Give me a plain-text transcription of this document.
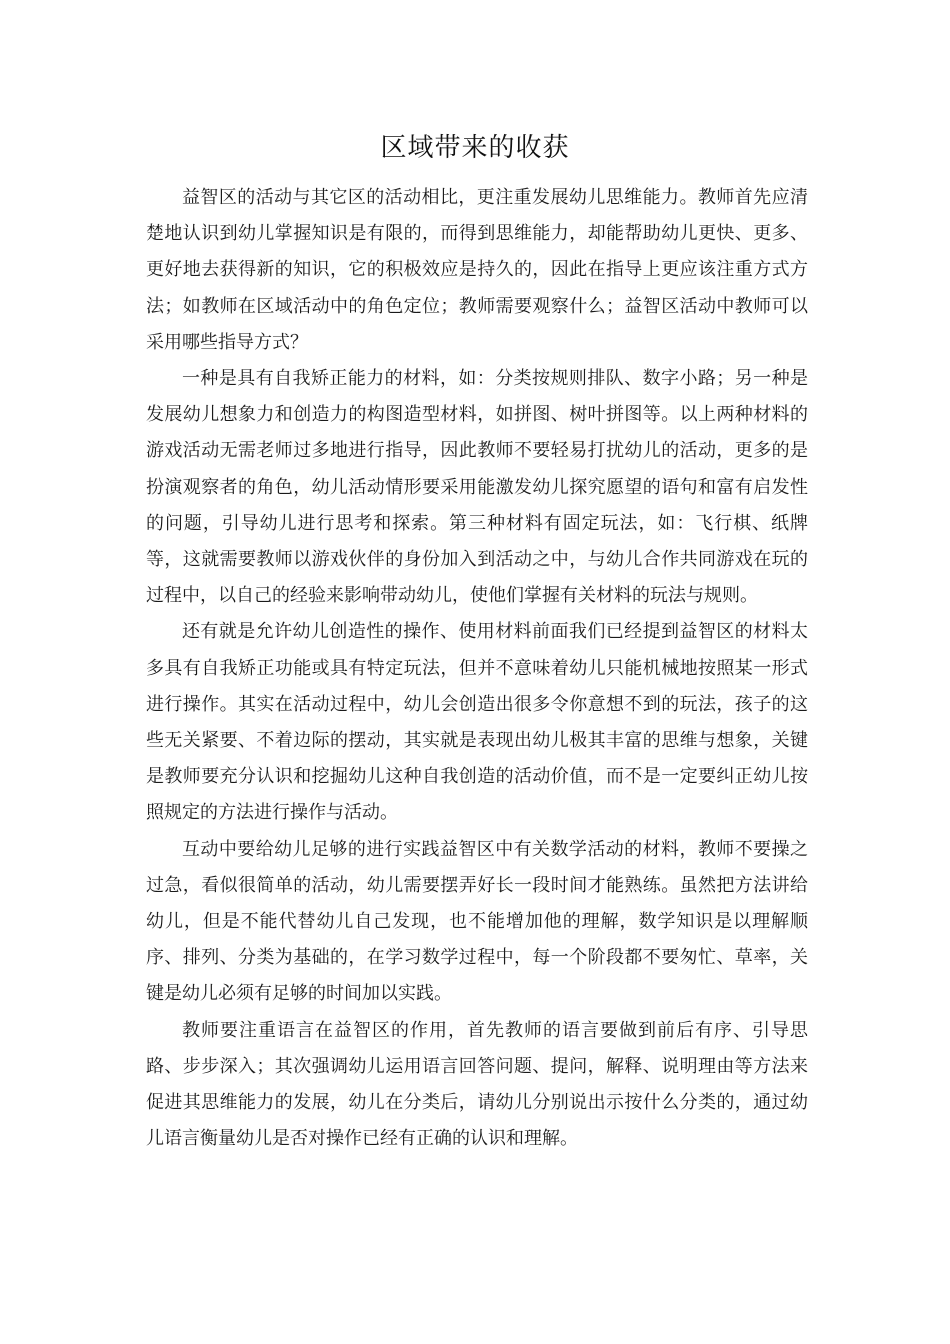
区域带来的收获

益智区的活动与其它区的活动相比，更注重发展幼儿思维能力。教师首先应清楚地认识到幼儿掌握知识是有限的，而得到思维能力，却能帮助幼儿更快、更多、更好地去获得新的知识，它的积极效应是持久的，因此在指导上更应该注重方式方法；如教师在区域活动中的角色定位；教师需要观察什么；益智区活动中教师可以采用哪些指导方式？

一种是具有自我矫正能力的材料，如：分类按规则排队、数字小路；另一种是发展幼儿想象力和创造力的构图造型材料，如拼图、树叶拼图等。以上两种材料的游戏活动无需老师过多地进行指导，因此教师不要轻易打扰幼儿的活动，更多的是扮演观察者的角色，幼儿活动情形要采用能激发幼儿探究愿望的语句和富有启发性的问题，引导幼儿进行思考和探索。第三种材料有固定玩法，如：飞行棋、纸牌等，这就需要教师以游戏伙伴的身份加入到活动之中，与幼儿合作共同游戏在玩的过程中，以自己的经验来影响带动幼儿，使他们掌握有关材料的玩法与规则。

还有就是允许幼儿创造性的操作、使用材料前面我们已经提到益智区的材料太多具有自我矫正功能或具有特定玩法，但并不意味着幼儿只能机械地按照某一形式进行操作。其实在活动过程中，幼儿会创造出很多令你意想不到的玩法，孩子的这些无关紧要、不着边际的摆动，其实就是表现出幼儿极其丰富的思维与想象，关键是教师要充分认识和挖掘幼儿这种自我创造的活动价值，而不是一定要纠正幼儿按照规定的方法进行操作与活动。

互动中要给幼儿足够的进行实践益智区中有关数学活动的材料，教师不要操之过急，看似很简单的活动，幼儿需要摆弄好长一段时间才能熟练。虽然把方法讲给幼儿，但是不能代替幼儿自己发现，也不能增加他的理解，数学知识是以理解顺序、排列、分类为基础的，在学习数学过程中，每一个阶段都不要匆忙、草率，关键是幼儿必须有足够的时间加以实践。

教师要注重语言在益智区的作用，首先教师的语言要做到前后有序、引导思路、步步深入；其次强调幼儿运用语言回答问题、提问，解释、说明理由等方法来促进其思维能力的发展，幼儿在分类后，请幼儿分别说出示按什么分类的，通过幼儿语言衡量幼儿是否对操作已经有正确的认识和理解。
